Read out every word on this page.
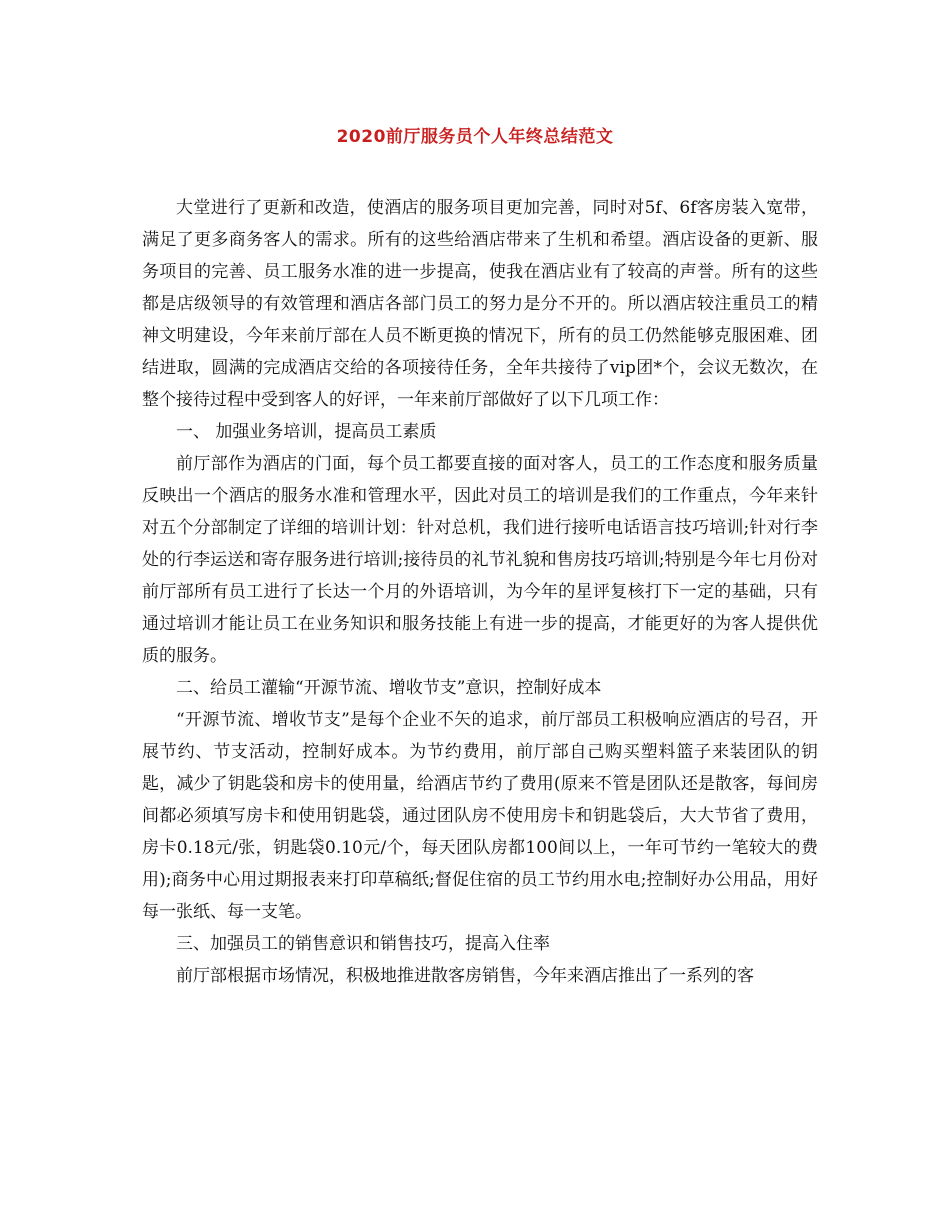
2020前厅服务员个人年终总结范文

大堂进行了更新和改造，使酒店的服务项目更加完善，同时对5f、6f客房装入宽带，满足了更多商务客人的需求。所有的这些给酒店带来了生机和希望。酒店设备的更新、服务项目的完善、员工服务水准的进一步提高，使我在酒店业有了较高的声誉。所有的这些都是店级领导的有效管理和酒店各部门员工的努力是分不开的。所以酒店较注重员工的精神文明建设，今年来前厅部在人员不断更换的情况下，所有的员工仍然能够克服困难、团结进取，圆满的完成酒店交给的各项接待任务，全年共接待了vip团*个，会议无数次，在整个接待过程中受到客人的好评，一年来前厅部做好了以下几项工作：

一、 加强业务培训，提高员工素质

前厅部作为酒店的门面，每个员工都要直接的面对客人，员工的工作态度和服务质量反映出一个酒店的服务水准和管理水平，因此对员工的培训是我们的工作重点，今年来针对五个分部制定了详细的培训计划：针对总机，我们进行接听电话语言技巧培训;针对行李处的行李运送和寄存服务进行培训;接待员的礼节礼貌和售房技巧培训;特别是今年七月份对前厅部所有员工进行了长达一个月的外语培训，为今年的星评复核打下一定的基础，只有通过培训才能让员工在业务知识和服务技能上有进一步的提高，才能更好的为客人提供优质的服务。

二、给员工灌输“开源节流、增收节支”意识，控制好成本

“开源节流、增收节支”是每个企业不矢的追求，前厅部员工积极响应酒店的号召，开展节约、节支活动，控制好成本。为节约费用，前厅部自己购买塑料篮子来装团队的钥匙，减少了钥匙袋和房卡的使用量，给酒店节约了费用(原来不管是团队还是散客，每间房间都必须填写房卡和使用钥匙袋，通过团队房不使用房卡和钥匙袋后，大大节省了费用，房卡0.18元/张，钥匙袋0.10元/个，每天团队房都100间以上，一年可节约一笔较大的费用);商务中心用过期报表来打印草稿纸;督促住宿的员工节约用水电;控制好办公用品，用好每一张纸、每一支笔。

三、加强员工的销售意识和销售技巧，提高入住率

前厅部根据市场情况，积极地推进散客房销售，今年来酒店推出了一系列的客
